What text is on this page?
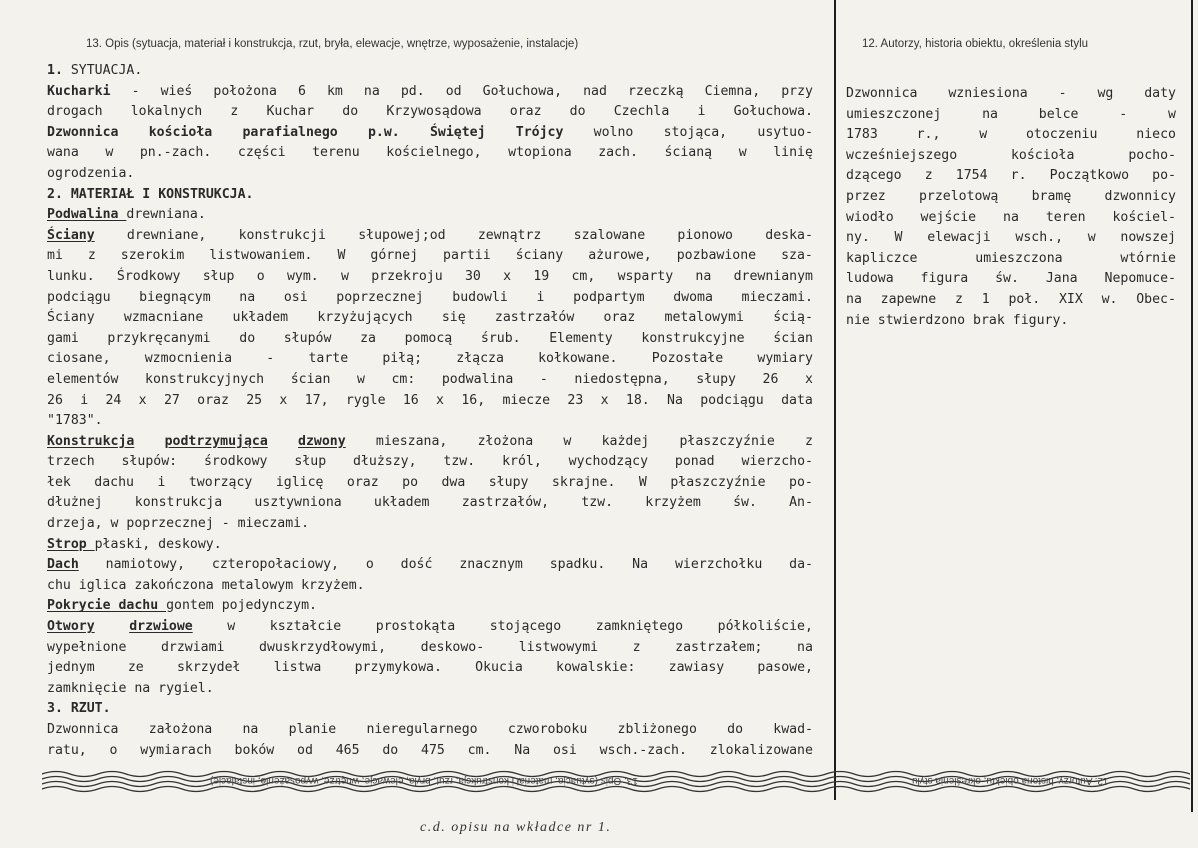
13. Opis (sytuacja, materiał i konstrukcja, rzut, bryła, elewacje, wnętrze, wyposażenie, instalacje)	12. Autorzy, historia obiektu, określenia stylu
1. SYTUACJA.
Kucharki - wieś położona 6 km na pd. od Gołuchowa, nad rzeczką Ciemna, przy
drogach lokalnych z Kuchar do Krzywosądowa oraz do Czechla i Gołuchowa.
Dzwonnica kościoła parafialnego p.w. Świętej Trójcy wolno stojąca, usytuo-
wana w pn.-zach. części terenu kościelnego, wtopiona zach. ścianą w linię
ogrodzenia.
2. MATERIAŁ I KONSTRUKCJA.
Podwalina drewniana.
Ściany drewniane, konstrukcji słupowej;od zewnątrz szalowane pionowo deska-
mi z szerokim listwowaniem. W górnej partii ściany ażurowe, pozbawione sza-
lunku. Środkowy słup o wym. w przekroju 30 x 19 cm, wsparty na drewnianym
podciągu biegnącym na osi poprzecznej budowli i podpartym dwoma mieczami.
Ściany wzmacniane układem krzyżujących się zastrzałów oraz metalowymi ścią-
gami przykręcanymi do słupów za pomocą śrub. Elementy konstrukcyjne ścian
ciosane,	wzmocnienia	-	tarte	piłą;	złącza	kołkowane.	Pozostałe	wymiary
elementów konstrukcyjnych ścian w cm: podwalina - niedostępna, słupy 26 x
26 i 24 x 27 oraz 25 x 17, rygle 16 x 16, miecze 23 x 18. Na podciągu data
"1783".
Konstrukcja podtrzymująca dzwony mieszana, złożona w każdej płaszczyźnie z
trzech słupów: środkowy słup dłuższy, tzw. król, wychodzący ponad wierzcho-
łek dachu i tworzący iglicę oraz po dwa słupy skrajne. W płaszczyźnie po-
dłużnej konstrukcja usztywniona układem zastrzałów, tzw. krzyżem św. An-
drzeja, w poprzecznej - mieczami.
Strop płaski, deskowy.
Dach namiotowy, czteropołaciowy, o dość znacznym spadku. Na wierzchołku da-
chu iglica zakończona metalowym krzyżem.
Pokrycie dachu gontem pojedynczym.
Otwory	drzwiowe	w	kształcie	prostokąta	stojącego	zamkniętego	półkoliście,
wypełnione	drzwiami	dwuskrzydłowymi,	deskowo-	listwowymi	z	zastrzałem;	na
jednym	ze	skrzydeł	listwa	przymykowa.	Okucia	kowalskie:	zawiasy	pasowe,
zamknięcie na rygiel.
3. RZUT.
Dzwonnica założona na planie nieregularnego czworoboku zbliżonego do kwad-
ratu, o wymiarach boków od 465 do 475 cm. Na osi wsch.-zach. zlokalizowane
Dzwonnica wzniesiona - wg daty
umieszczonej	na	belce	-	w
1783	r.,	w	otoczeniu	nieco
wcześniejszego	kościoła	pocho-
dzącego z 1754 r. Początkowo po-
przez	przelotową	bramę	dzwonnicy
wiodło wejście na teren kościel-
ny. W elewacji wsch., w nowszej
kapliczce	umieszczona	wtórnie
ludowa figura św. Jana Nepomuce-
na zapewne z 1 poł. XIX w. Obec-
nie stwierdzono brak figury.
13. Opis (sytuacja, materiał i konstrukcja, rzut, bryła, elewacje, wnętrze, wyposażenie, instalacje)	12. Autorzy, historia obiektu, określenia stylu
c.d. opisu na wkładce nr 1.
